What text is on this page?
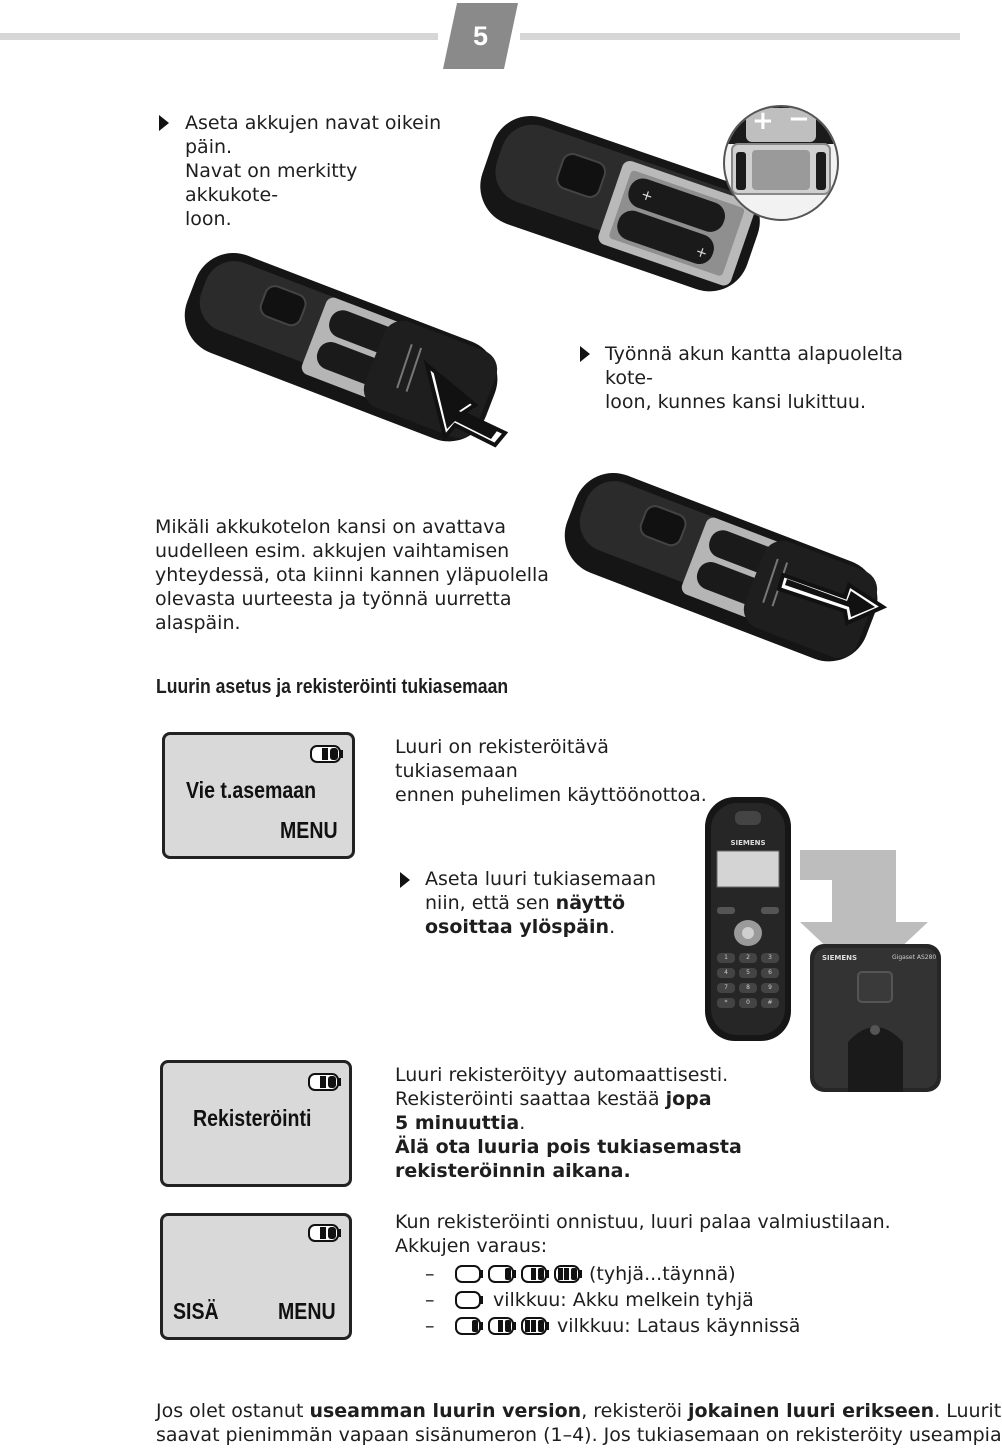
5
Aseta akkujen navat oikein
päin.
Navat on merkitty akkukote-
loon.
+
+
+ −
Työnnä akun kantta alapuolelta kote-
loon, kunnes kansi lukittuu.
Mikäli akkukotelon kansi on avattava
uudelleen esim. akkujen vaihtamisen
yhteydessä, ota kiinni kannen yläpuolella
olevasta uurteesta ja työnnä uurretta
alaspäin.
Luurin asetus ja rekisteröinti tukiasemaan
Vie t.asemaan
MENU
Luuri on rekisteröitävä tukiasemaan
ennen puhelimen käyttöönottoa.
Aseta luuri tukiasemaan
niin, että sen näyttö
osoittaa ylöspäin.
SIEMENS
1	2	3
4	5	6
7	8	9
*	0	#
SIEMENS	Gigaset AS280
Rekisteröinti
Luuri rekisteröityy automaattisesti.
Rekisteröinti saattaa kestää jopa
5 minuuttia.
Älä ota luuria pois tukiasemasta
rekisteröinnin aikana.
SISÄ	MENU
Kun rekisteröinti onnistuu, luuri palaa valmiustilaan.
Akkujen varaus:
–	(tyhjä...täynnä)
–	vilkkuu: Akku melkein tyhjä
–	vilkkuu: Lataus käynnissä
Jos olet ostanut useamman luurin version, rekisteröi jokainen luuri erikseen. Luurit
saavat pienimmän vapaan sisänumeron (1–4). Jos tukiasemaan on rekisteröity useampia
